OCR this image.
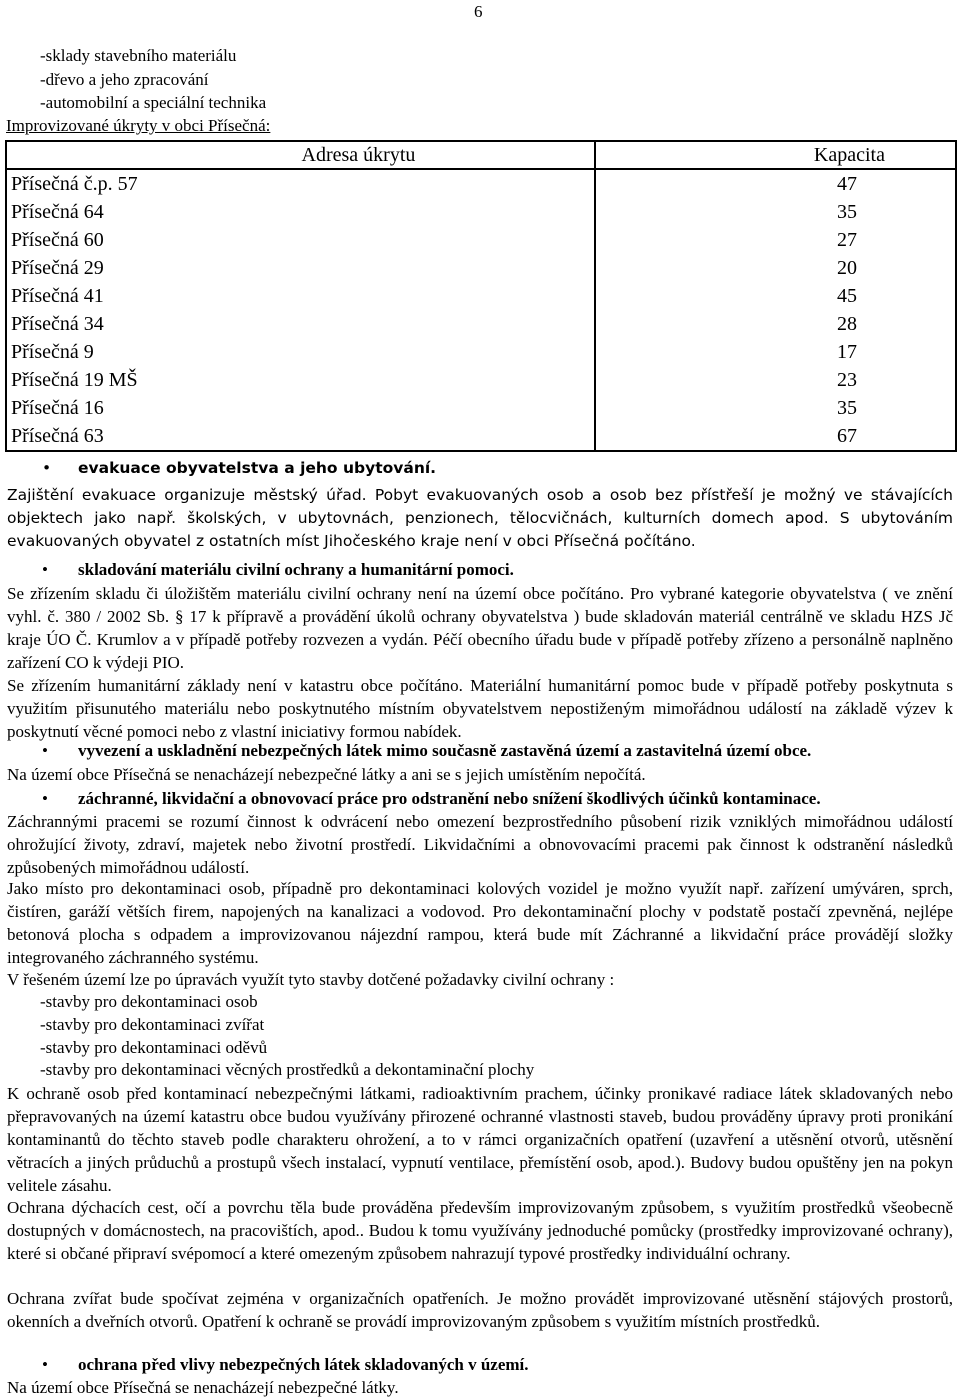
6
-sklady stavebního materiálu
-dřevo a jeho zpracování
-automobilní a speciální technika
Improvizované úkryty v obci Přísečná:
Adresa úkrytu	Kapacita
Přísečná č.p. 57	47
Přísečná 64	35
Přísečná 60	27
Přísečná 29	20
Přísečná 41	45
Přísečná 34	28
Přísečná 9	17
Přísečná 19 MŠ	23
Přísečná 16	35
Přísečná 63	67
• evakuace obyvatelstva a jeho ubytování.
Zajištění evakuace organizuje městský úřad. Pobyt evakuovaných osob a osob bez přístřeší je možný ve stávajících objektech jako např. školských, v ubytovnách, penzionech, tělocvičnách, kulturních domech apod. S ubytováním evakuovaných obyvatel z ostatních míst Jihočeského kraje není v obci Přísečná počítáno.
• skladování materiálu civilní ochrany a humanitární pomoci.
Se zřízením skladu či úložištěm materiálu civilní ochrany není na území obce počítáno. Pro vybrané kategorie obyvatelstva ( ve znění vyhl. č. 380 / 2002 Sb. § 17 k přípravě a provádění úkolů ochrany obyvatelstva ) bude skladován materiál centrálně ve skladu HZS Jč kraje ÚO Č. Krumlov a v případě potřeby rozvezen a vydán. Péčí obecního úřadu bude v případě potřeby zřízeno a personálně naplněno zařízení CO k výdeji PIO.
Se zřízením humanitární základy není v katastru obce počítáno. Materiální humanitární pomoc bude v případě potřeby poskytnuta s využitím přisunutého materiálu nebo poskytnutého místním obyvatelstvem nepostiženým mimořádnou událostí na základě výzev k poskytnutí věcné pomoci nebo z vlastní iniciativy formou nabídek.
• vyvezení a uskladnění nebezpečných látek mimo současně zastavěná území a zastavitelná území obce.
Na území obce Přísečná se nenacházejí nebezpečné látky a ani se s jejich umístěním nepočítá.
• záchranné, likvidační a obnovovací práce pro odstranění nebo snížení škodlivých účinků kontaminace.
Záchrannými pracemi se rozumí činnost k odvrácení nebo omezení bezprostředního působení rizik vzniklých mimořádnou událostí ohrožující životy, zdraví, majetek nebo životní prostředí. Likvidačními a obnovovacími pracemi pak činnost k odstranění následků způsobených mimořádnou událostí.
Jako místo pro dekontaminaci osob, případně pro dekontaminaci kolových vozidel je možno využít např. zařízení umýváren, sprch, čistíren, garáží větších firem, napojených na kanalizaci a vodovod. Pro dekontaminační plochy v podstatě postačí zpevněná, nejlépe betonová plocha s odpadem a improvizovanou nájezdní rampou, která bude mít Záchranné a likvidační práce provádějí složky integrovaného záchranného systému.
V řešeném území lze po úpravách využít tyto stavby dotčené požadavky civilní ochrany :
-stavby pro dekontaminaci osob
-stavby pro dekontaminaci zvířat
-stavby pro dekontaminaci oděvů
-stavby pro dekontaminaci věcných prostředků a dekontaminační plochy
K ochraně osob před kontaminací nebezpečnými látkami, radioaktivním prachem, účinky pronikavé radiace látek skladovaných nebo přepravovaných na území katastru obce budou využívány přirozené ochranné vlastnosti staveb, budou prováděny úpravy proti pronikání kontaminantů do těchto staveb podle charakteru ohrožení, a to v rámci organizačních opatření (uzavření a utěsnění otvorů, utěsnění větracích a jiných průduchů a prostupů všech instalací, vypnutí ventilace, přemístění osob, apod.). Budovy budou opuštěny jen na pokyn velitele zásahu.
Ochrana dýchacích cest, očí a povrchu těla bude prováděna především improvizovaným způsobem, s využitím prostředků všeobecně dostupných v domácnostech, na pracovištích, apod.. Budou k tomu využívány jednoduché pomůcky (prostředky improvizované ochrany), které si občané připraví svépomocí a které omezeným způsobem nahrazují typové prostředky individuální ochrany.
Ochrana zvířat bude spočívat zejména v organizačních opatřeních. Je možno provádět improvizované utěsnění stájových prostorů, okenních a dveřních otvorů. Opatření k ochraně se provádí improvizovaným způsobem s využitím místních prostředků.
• ochrana před vlivy nebezpečných látek skladovaných v území.
Na území obce Přísečná se nenacházejí nebezpečné látky.
